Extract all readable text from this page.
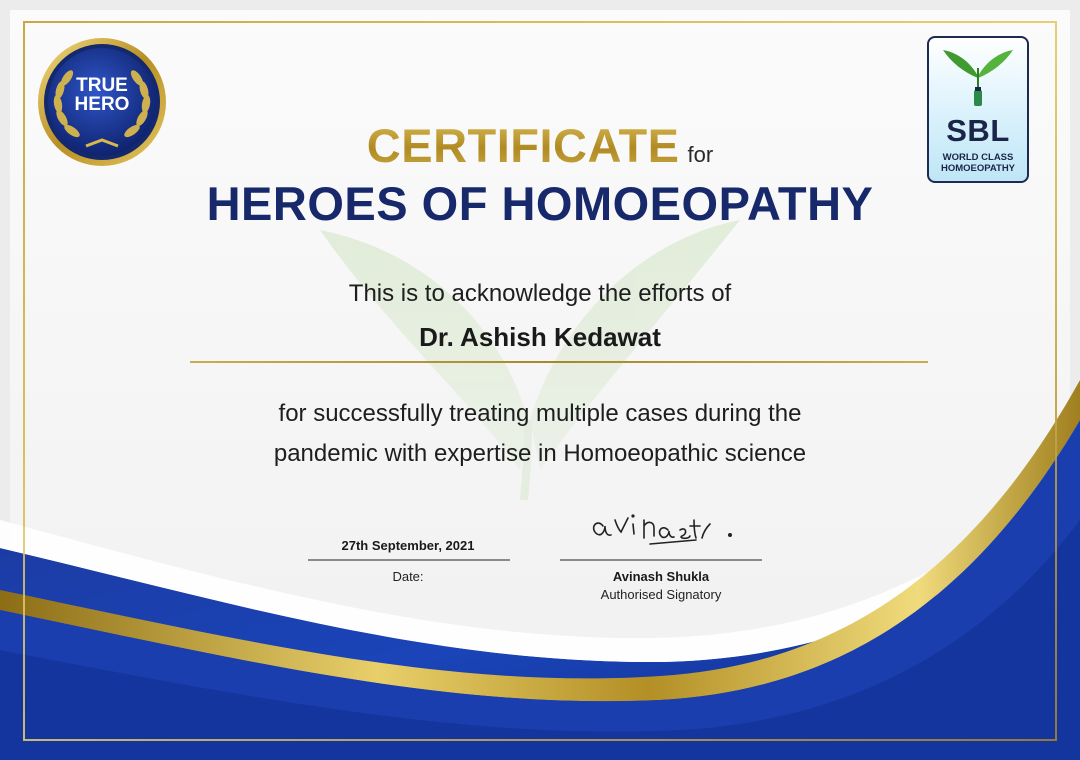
TRUE
HERO
SBL
WORLD CLASS
HOMOEOPATHY
CERTIFICATE for
HEROES OF HOMOEOPATHY
This is to acknowledge the efforts of
Dr. Ashish Kedawat
for successfully treating multiple cases during the
pandemic with expertise in Homoeopathic science
27th September, 2021
Date:	Avinash Shukla
Authorised Signatory
